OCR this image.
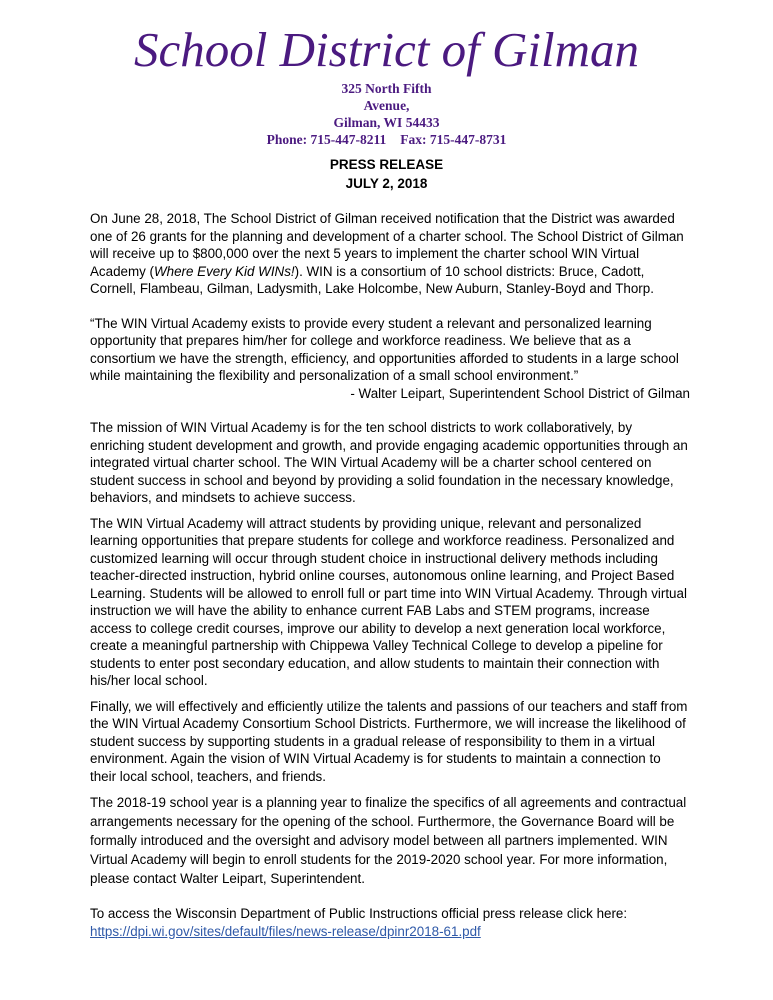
School District of Gilman
325 North Fifth
Avenue,
Gilman, WI 54433
Phone: 715-447-8211 Fax: 715-447-8731
PRESS RELEASE
JULY 2, 2018

On June 28, 2018, The School District of Gilman received notification that the District was awarded one of 26 grants for the planning and development of a charter school. The School District of Gilman will receive up to $800,000 over the next 5 years to implement the charter school WIN Virtual Academy (Where Every Kid WINs!). WIN is a consortium of 10 school districts: Bruce, Cadott, Cornell, Flambeau, Gilman, Ladysmith, Lake Holcombe, New Auburn, Stanley-Boyd and Thorp.

“The WIN Virtual Academy exists to provide every student a relevant and personalized learning opportunity that prepares him/her for college and workforce readiness. We believe that as a consortium we have the strength, efficiency, and opportunities afforded to students in a large school while maintaining the flexibility and personalization of a small school environment.”

- Walter Leipart, Superintendent School District of Gilman

The mission of WIN Virtual Academy is for the ten school districts to work collaboratively, by enriching student development and growth, and provide engaging academic opportunities through an integrated virtual charter school. The WIN Virtual Academy will be a charter school centered on student success in school and beyond by providing a solid foundation in the necessary knowledge, behaviors, and mindsets to achieve success.

The WIN Virtual Academy will attract students by providing unique, relevant and personalized learning opportunities that prepare students for college and workforce readiness. Personalized and customized learning will occur through student choice in instructional delivery methods including teacher-directed instruction, hybrid online courses, autonomous online learning, and Project Based Learning. Students will be allowed to enroll full or part time into WIN Virtual Academy. Through virtual instruction we will have the ability to enhance current FAB Labs and STEM programs, increase access to college credit courses, improve our ability to develop a next generation local workforce, create a meaningful partnership with Chippewa Valley Technical College to develop a pipeline for students to enter post secondary education, and allow students to maintain their connection with his/her local school.

Finally, we will effectively and efficiently utilize the talents and passions of our teachers and staff from the WIN Virtual Academy Consortium School Districts. Furthermore, we will increase the likelihood of student success by supporting students in a gradual release of responsibility to them in a virtual environment. Again the vision of WIN Virtual Academy is for students to maintain a connection to their local school, teachers, and friends.

The 2018-19 school year is a planning year to finalize the specifics of all agreements and contractual arrangements necessary for the opening of the school. Furthermore, the Governance Board will be formally introduced and the oversight and advisory model between all partners implemented. WIN Virtual Academy will begin to enroll students for the 2019-2020 school year. For more information, please contact Walter Leipart, Superintendent.

To access the Wisconsin Department of Public Instructions official press release click here:
https://dpi.wi.gov/sites/default/files/news-release/dpinr2018-61.pdf
